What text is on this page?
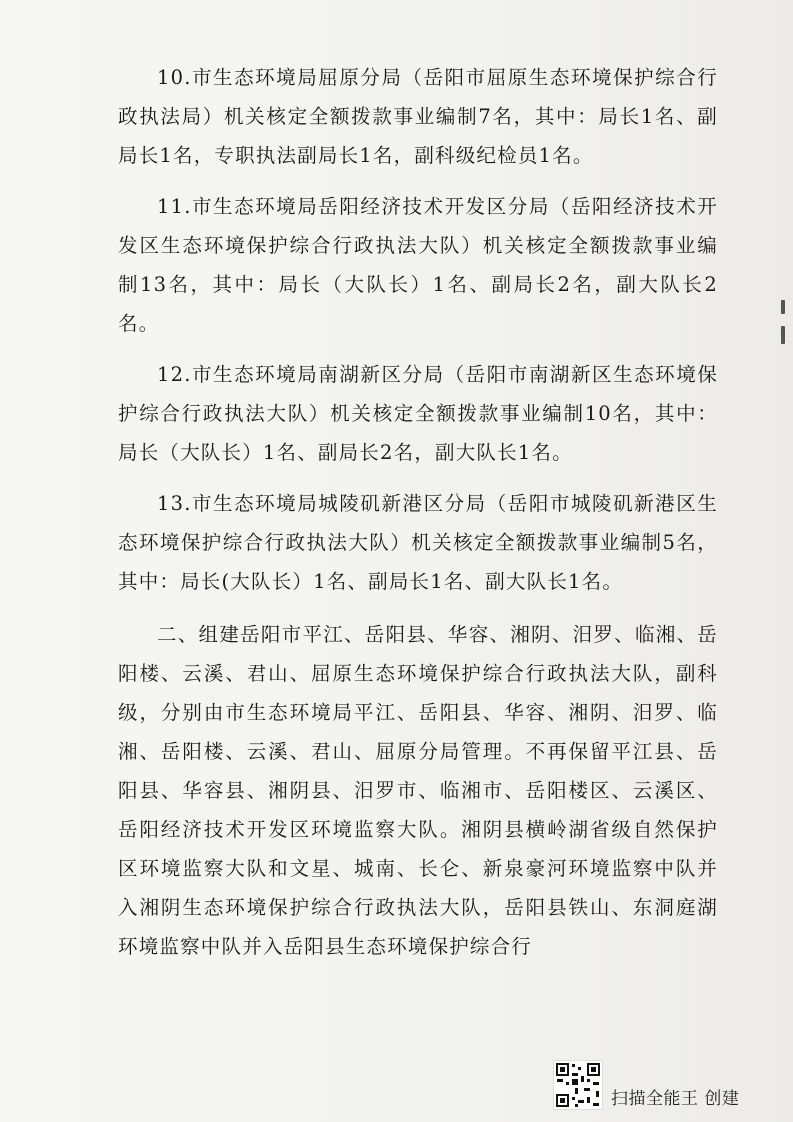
10.市生态环境局屈原分局（岳阳市屈原生态环境保护综合行政执法局）机关核定全额拨款事业编制7名，其中：局长1名、副局长1名，专职执法副局长1名，副科级纪检员1名。

11.市生态环境局岳阳经济技术开发区分局（岳阳经济技术开发区生态环境保护综合行政执法大队）机关核定全额拨款事业编制13名，其中：局长（大队长）1名、副局长2名，副大队长2名。

12.市生态环境局南湖新区分局（岳阳市南湖新区生态环境保护综合行政执法大队）机关核定全额拨款事业编制10名，其中：局长（大队长）1名、副局长2名，副大队长1名。

13.市生态环境局城陵矶新港区分局（岳阳市城陵矶新港区生态环境保护综合行政执法大队）机关核定全额拨款事业编制5名，其中：局长(大队长）1名、副局长1名、副大队长1名。

二、组建岳阳市平江、岳阳县、华容、湘阴、汨罗、临湘、岳阳楼、云溪、君山、屈原生态环境保护综合行政执法大队，副科级，分别由市生态环境局平江、岳阳县、华容、湘阴、汨罗、临湘、岳阳楼、云溪、君山、屈原分局管理。不再保留平江县、岳阳县、华容县、湘阴县、汨罗市、临湘市、岳阳楼区、云溪区、岳阳经济技术开发区环境监察大队。湘阴县横岭湖省级自然保护区环境监察大队和文星、城南、长仑、新泉豪河环境监察中队并入湘阴生态环境保护综合行政执法大队，岳阳县铁山、东洞庭湖环境监察中队并入岳阳县生态环境保护综合行

扫描全能王 创建
